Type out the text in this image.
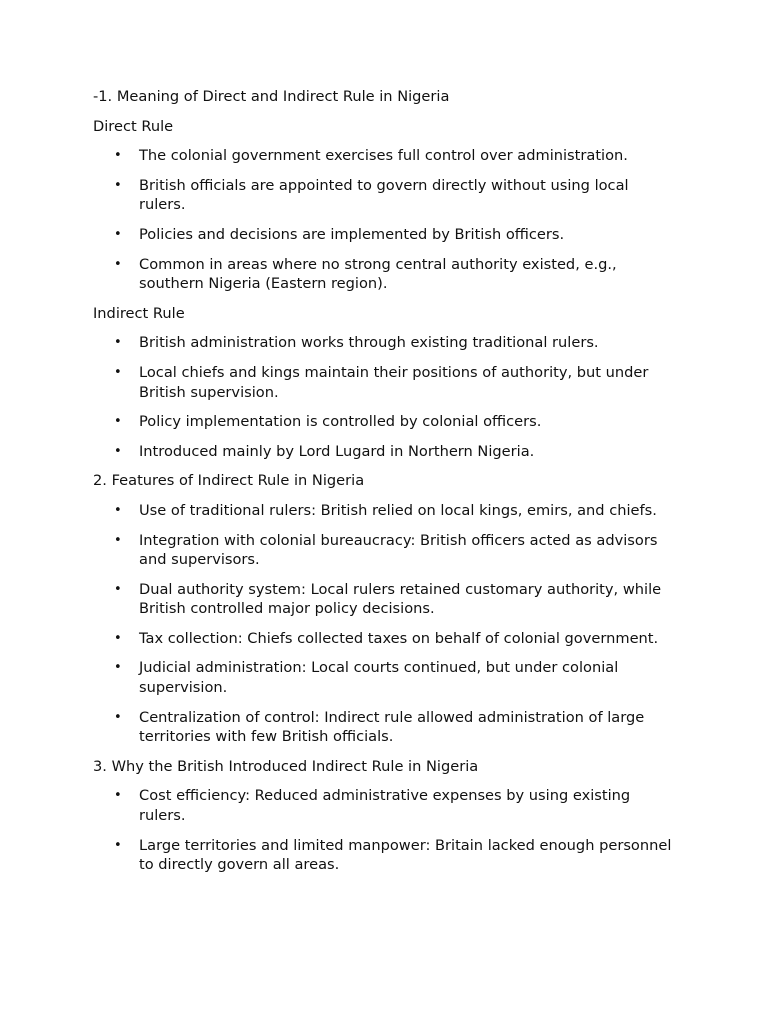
-1. Meaning of Direct and Indirect Rule in Nigeria
Direct Rule
• The colonial government exercises full control over administration.
• British officials are appointed to govern directly without using local rulers.
• Policies and decisions are implemented by British officers.
• Common in areas where no strong central authority existed, e.g., southern Nigeria (Eastern region).
Indirect Rule
• British administration works through existing traditional rulers.
• Local chiefs and kings maintain their positions of authority, but under British supervision.
• Policy implementation is controlled by colonial officers.
• Introduced mainly by Lord Lugard in Northern Nigeria.
2. Features of Indirect Rule in Nigeria
• Use of traditional rulers: British relied on local kings, emirs, and chiefs.
• Integration with colonial bureaucracy: British officers acted as advisors and supervisors.
• Dual authority system: Local rulers retained customary authority, while British controlled major policy decisions.
• Tax collection: Chiefs collected taxes on behalf of colonial government.
• Judicial administration: Local courts continued, but under colonial supervision.
• Centralization of control: Indirect rule allowed administration of large territories with few British officials.
3. Why the British Introduced Indirect Rule in Nigeria
• Cost efficiency: Reduced administrative expenses by using existing rulers.
• Large territories and limited manpower: Britain lacked enough personnel to directly govern all areas.
